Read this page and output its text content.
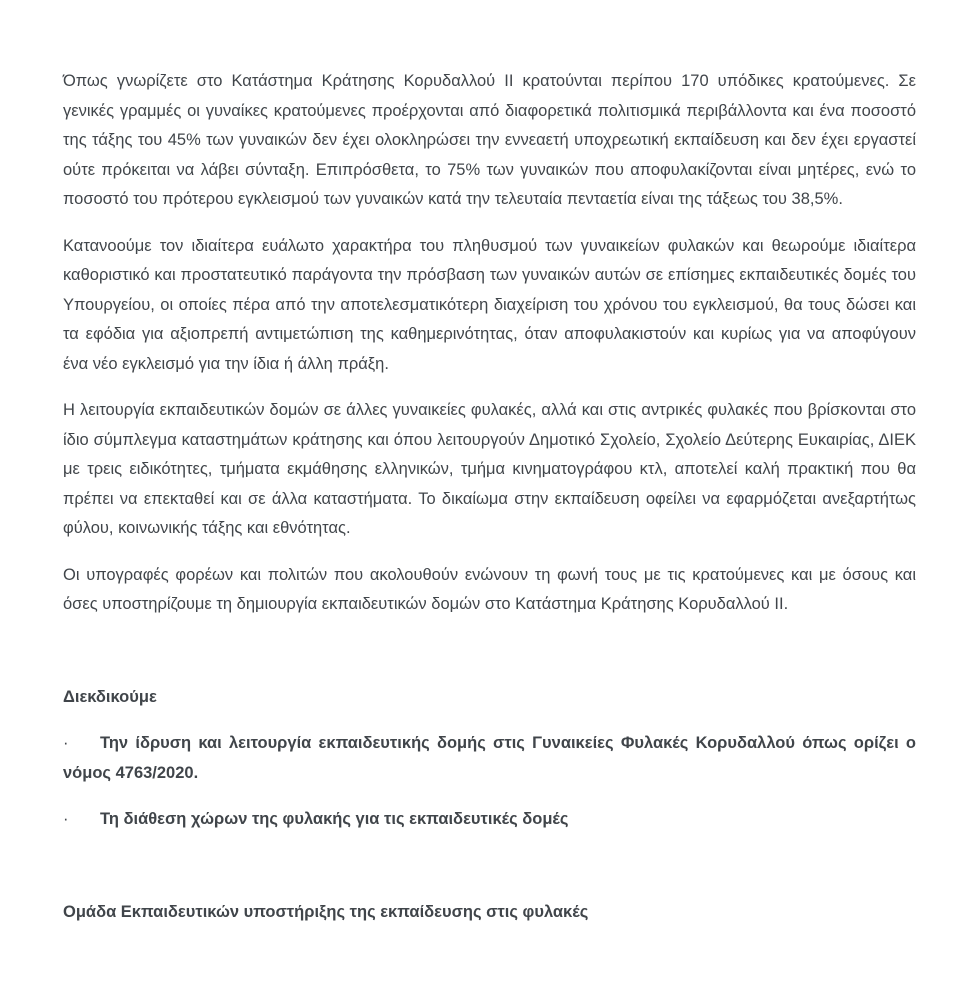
Όπως γνωρίζετε στο Κατάστημα Κράτησης Κορυδαλλού ΙΙ κρατούνται περίπου 170 υπόδικες κρατούμενες. Σε γενικές γραμμές οι γυναίκες κρατούμενες προέρχονται από διαφορετικά πολιτισμικά περιβάλλοντα και ένα ποσοστό της τάξης του 45% των γυναικών δεν έχει ολοκληρώσει την εννεαετή υποχρεωτική εκπαίδευση και δεν έχει εργαστεί ούτε πρόκειται να λάβει σύνταξη. Επιπρόσθετα, το 75% των γυναικών που αποφυλακίζονται είναι μητέρες, ενώ το ποσοστό του πρότερου εγκλεισμού των γυναικών κατά την τελευταία πενταετία είναι της τάξεως του 38,5%.

Κατανοούμε τον ιδιαίτερα ευάλωτο χαρακτήρα του πληθυσμού των γυναικείων φυλακών και θεωρούμε ιδιαίτερα καθοριστικό και προστατευτικό παράγοντα την πρόσβαση των γυναικών αυτών σε επίσημες εκπαιδευτικές δομές του Υπουργείου, οι οποίες πέρα από την αποτελεσματικότερη διαχείριση του χρόνου του εγκλεισμού, θα τους δώσει και τα εφόδια για αξιοπρεπή αντιμετώπιση της καθημερινότητας, όταν αποφυλακιστούν και κυρίως για να αποφύγουν ένα νέο εγκλεισμό για την ίδια ή άλλη πράξη.

Η λειτουργία εκπαιδευτικών δομών σε άλλες γυναικείες φυλακές, αλλά και στις αντρικές φυλακές που βρίσκονται στο ίδιο σύμπλεγμα καταστημάτων κράτησης και όπου λειτουργούν Δημοτικό Σχολείο, Σχολείο Δεύτερης Ευκαιρίας, ΔΙΕΚ με τρεις ειδικότητες, τμήματα εκμάθησης ελληνικών, τμήμα κινηματογράφου κτλ, αποτελεί καλή πρακτική που θα πρέπει να επεκταθεί και σε άλλα καταστήματα. Το δικαίωμα στην εκπαίδευση οφείλει να εφαρμόζεται ανεξαρτήτως φύλου, κοινωνικής τάξης και εθνότητας.

Οι υπογραφές φορέων και πολιτών που ακολουθούν ενώνουν τη φωνή τους με τις κρατούμενες και με όσους και όσες υποστηρίζουμε τη δημιουργία εκπαιδευτικών δομών στο Κατάστημα Κράτησης Κορυδαλλού ΙΙ.

Διεκδικούμε

· Την ίδρυση και λειτουργία εκπαιδευτικής δομής στις Γυναικείες Φυλακές Κορυδαλλού όπως ορίζει ο νόμος 4763/2020.

· Τη διάθεση χώρων της φυλακής για τις εκπαιδευτικές δομές

Ομάδα Εκπαιδευτικών υποστήριξης της εκπαίδευσης στις φυλακές
